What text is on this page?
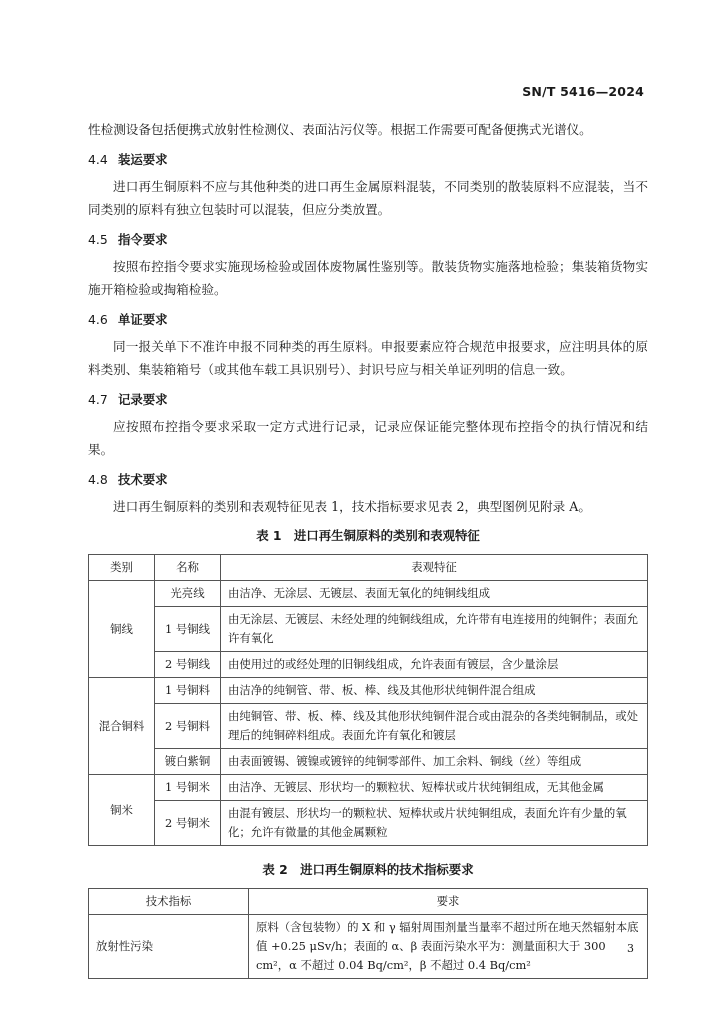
SN/T 5416—2024

性检测设备包括便携式放射性检测仪、表面沾污仪等。根据工作需要可配备便携式光谱仪。

4.4 装运要求

进口再生铜原料不应与其他种类的进口再生金属原料混装，不同类别的散装原料不应混装，当不同类别的原料有独立包装时可以混装，但应分类放置。

4.5 指令要求

按照布控指令要求实施现场检验或固体废物属性鉴别等。散装货物实施落地检验；集装箱货物实施开箱检验或掏箱检验。

4.6 单证要求

同一报关单下不准许申报不同种类的再生原料。申报要素应符合规范申报要求，应注明具体的原料类别、集装箱箱号（或其他车载工具识别号）、封识号应与相关单证列明的信息一致。

4.7 记录要求

应按照布控指令要求采取一定方式进行记录，记录应保证能完整体现布控指令的执行情况和结果。

4.8 技术要求

进口再生铜原料的类别和表观特征见表 1，技术指标要求见表 2，典型图例见附录 A。

表 1　进口再生铜原料的类别和表观特征
类别	名称	表观特征
铜线	光亮线	由洁净、无涂层、无镀层、表面无氧化的纯铜线组成
	1 号铜线	由无涂层、无镀层、未经处理的纯铜线组成，允许带有电连接用的纯铜件；表面允许有氧化
	2 号铜线	由使用过的或经处理的旧铜线组成，允许表面有镀层，含少量涂层
混合铜料	1 号铜料	由洁净的纯铜管、带、板、棒、线及其他形状纯铜件混合组成
	2 号铜料	由纯铜管、带、板、棒、线及其他形状纯铜件混合或由混杂的各类纯铜制品，或处理后的纯铜碎料组成。表面允许有氧化和镀层
	镀白紫铜	由表面镀锡、镀镍或镀锌的纯铜零部件、加工余料、铜线（丝）等组成
铜米	1 号铜米	由洁净、无镀层、形状均一的颗粒状、短棒状或片状纯铜组成，无其他金属
	2 号铜米	由混有镀层、形状均一的颗粒状、短棒状或片状纯铜组成，表面允许有少量的氧化；允许有微量的其他金属颗粒
表 2　进口再生铜原料的技术指标要求
技术指标	要求
放射性污染	原料（含包装物）的 X 和 γ 辐射周围剂量当量率不超过所在地天然辐射本底值 +0.25 μSv/h；表面的 α、β 表面污染水平为：测量面积大于 300 cm²，α 不超过 0.04 Bq/cm²，β 不超过 0.4 Bq/cm²
3
